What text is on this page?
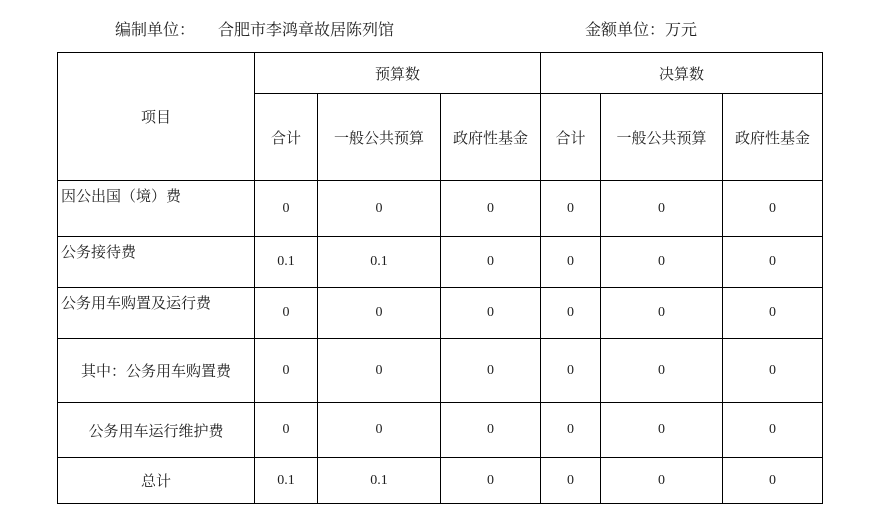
编制单位： 合肥市李鸿章故居陈列馆	金额单位：万元
项目	预算数			决算数		
	合计	一般公共预算	政府性基金	合计	一般公共预算	政府性基金
因公出国（境）费	0	0	0	0	0	0
公务接待费	0.1	0.1	0	0	0	0
公务用车购置及运行费	0	0	0	0	0	0
其中：公务用车购置费	0	0	0	0	0	0
公务用车运行维护费	0	0	0	0	0	0
总计	0.1	0.1	0	0	0	0
